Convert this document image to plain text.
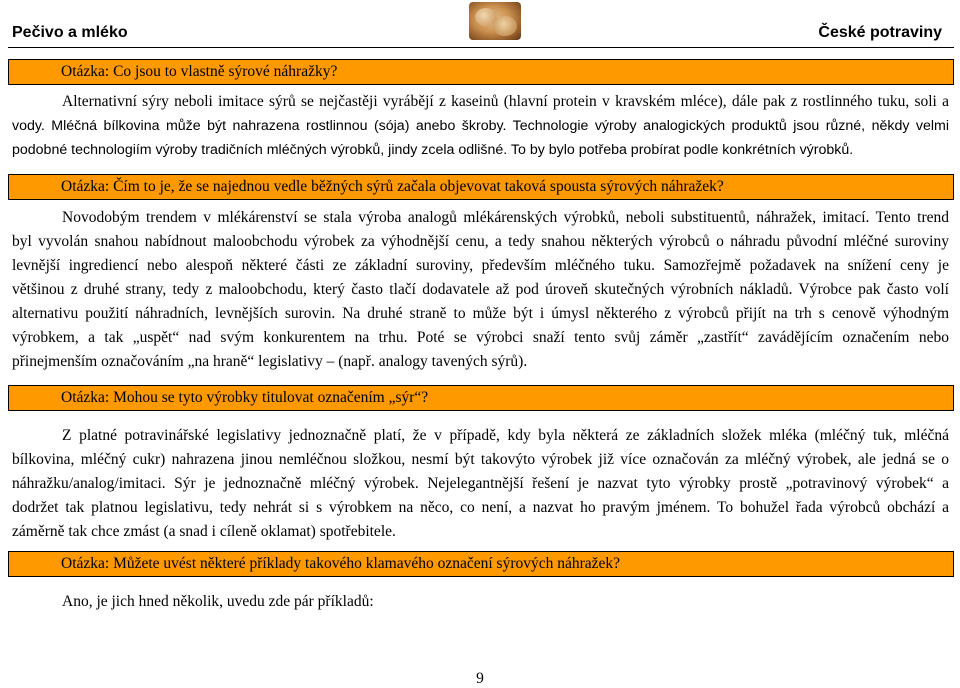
Pečivo a mléko	České potraviny
Otázka: Co jsou to vlastně sýrové náhražky?
Alternativní sýry neboli imitace sýrů se nejčastěji vyrábějí z kaseinů (hlavní protein v kravském mléce), dále pak z rostlinného tuku, soli a
vody. Mléčná bílkovina může být nahrazena rostlinnou (sója) anebo škroby. Technologie výroby analogických produktů jsou různé, někdy velmi
podobné technologiím výroby tradičních mléčných výrobků, jindy zcela odlišné. To by bylo potřeba probírat podle konkrétních výrobků.
Otázka: Čím to je, že se najednou vedle běžných sýrů začala objevovat taková spousta sýrových náhražek?
Novodobým trendem v mlékárenství se stala výroba analogů mlékárenských výrobků, neboli substituentů, náhražek, imitací. Tento trend
byl vyvolán snahou nabídnout maloobchodu výrobek za výhodnější cenu, a tedy snahou některých výrobců o náhradu původní mléčné suroviny
levnější ingrediencí nebo alespoň některé části ze základní suroviny, především mléčného tuku. Samozřejmě požadavek na snížení ceny je
většinou z druhé strany, tedy z maloobchodu, který často tlačí dodavatele až pod úroveň skutečných výrobních nákladů. Výrobce pak často volí
alternativu použití náhradních, levnějších surovin. Na druhé straně to může být i úmysl některého z výrobců přijít na trh s cenově výhodným
výrobkem, a tak „uspět“ nad svým konkurentem na trhu. Poté se výrobci snaží tento svůj záměr „zastřít“ zavádějícím označením nebo
přinejmenším označováním „na hraně“ legislativy – (např. analogy tavených sýrů).
Otázka: Mohou se tyto výrobky titulovat označením „sýr“?
Z platné potravinářské legislativy jednoznačně platí, že v případě, kdy byla některá ze základních složek mléka (mléčný tuk, mléčná
bílkovina, mléčný cukr) nahrazena jinou nemléčnou složkou, nesmí být takovýto výrobek již více označován za mléčný výrobek, ale jedná se o
náhražku/analog/imitaci. Sýr je jednoznačně mléčný výrobek. Nejelegantnější řešení je nazvat tyto výrobky prostě „potravinový výrobek“ a
dodržet tak platnou legislativu, tedy nehrát si s výrobkem na něco, co není, a nazvat ho pravým jménem. To bohužel řada výrobců obchází a
záměrně tak chce zmást (a snad i cíleně oklamat) spotřebitele.
Otázka: Můžete uvést některé příklady takového klamavého označení sýrových náhražek?
Ano, je jich hned několik, uvedu zde pár příkladů:
9
